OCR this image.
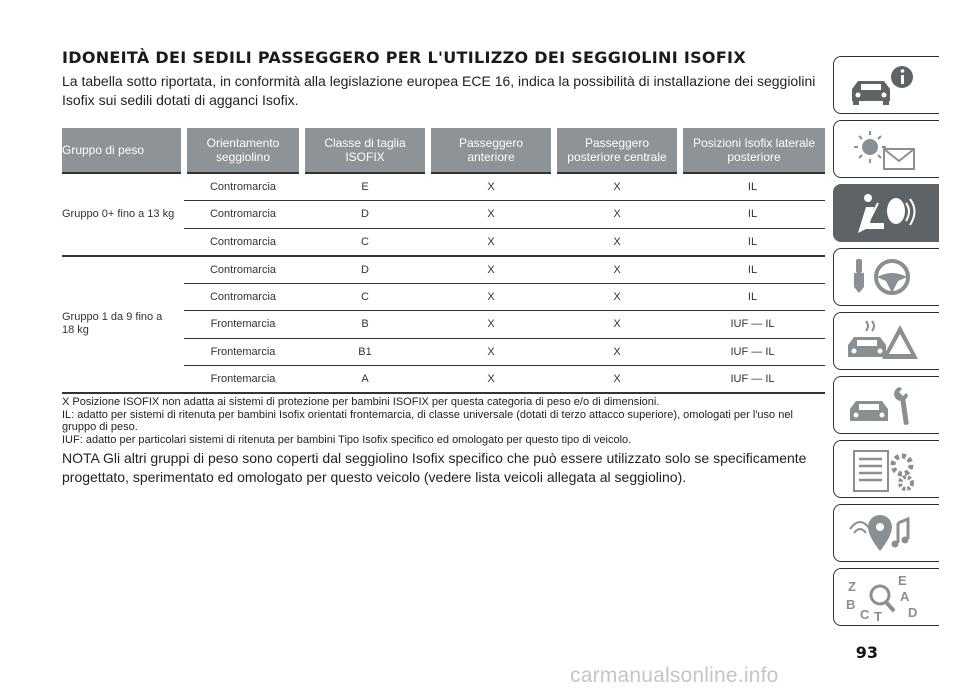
IDONEITÀ DEI SEDILI PASSEGGERO PER L'UTILIZZO DEI SEGGIOLINI ISOFIX
La tabella sotto riportata, in conformità alla legislazione europea ECE 16, indica la possibilità di installazione dei seggiolini Isofix sui sedili dotati di agganci Isofix.
Gruppo di peso	Orientamento seggiolino	Classe di taglia ISOFIX	Passeggero anteriore	Passeggero posteriore centrale	Posizioni Isofix laterale posteriore
Gruppo 0+ fino a 13 kg	Contromarcia	E	X	X	IL
	Contromarcia	D	X	X	IL
	Contromarcia	C	X	X	IL
Gruppo 1 da 9 fino a 18 kg	Contromarcia	D	X	X	IL
	Contromarcia	C	X	X	IL
	Frontemarcia	B	X	X	IUF — IL
	Frontemarcia	B1	X	X	IUF — IL
	Frontemarcia	A	X	X	IUF — IL

X Posizione ISOFIX non adatta ai sistemi di protezione per bambini ISOFIX per questa categoria di peso e/o di dimensioni.

IL: adatto per sistemi di ritenuta per bambini Isofix orientati frontemarcia, di classe universale (dotati di terzo attacco superiore), omologati per l'uso nel gruppo di peso.

IUF: adatto per particolari sistemi di ritenuta per bambini Tipo Isofix specifico ed omologato per questo tipo di veicolo.

NOTA Gli altri gruppi di peso sono coperti dal seggiolino Isofix specifico che può essere utilizzato solo se specificamente progettato, sperimentato ed omologato per questo veicolo (vedere lista veicoli allegata al seggiolino).

Z	E
B
A
C T D
93
carmanualsonline.info
